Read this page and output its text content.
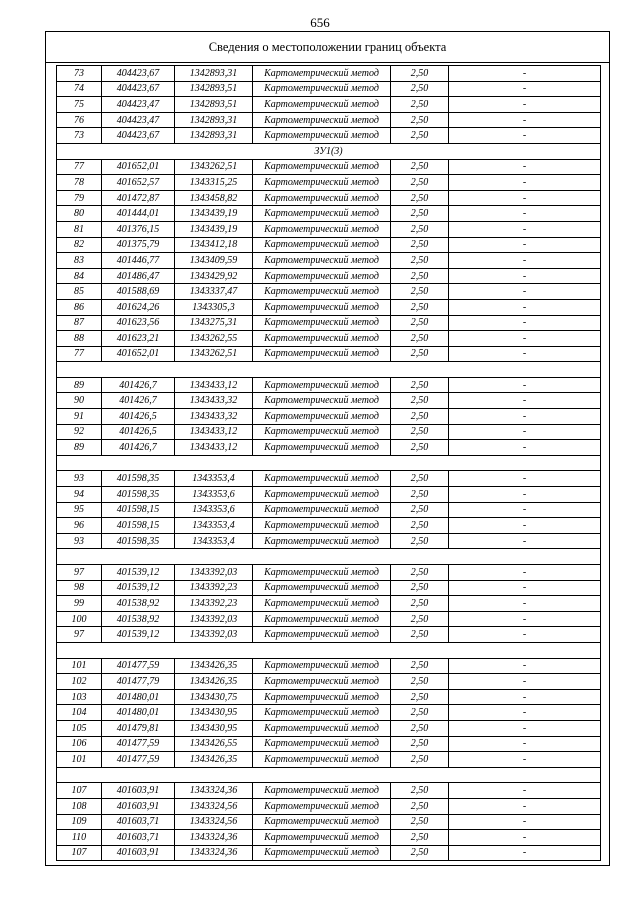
656
Сведения о местоположении границ объекта
73	404423,67	1342893,31	Картометрический метод	2,50	-
74	404423,67	1342893,51	Картометрический метод	2,50	-
75	404423,47	1342893,51	Картометрический метод	2,50	-
76	404423,47	1342893,31	Картометрический метод	2,50	-
73	404423,67	1342893,31	Картометрический метод	2,50	-
ЗУ1(3)					
77	401652,01	1343262,51	Картометрический метод	2,50	-
78	401652,57	1343315,25	Картометрический метод	2,50	-
79	401472,87	1343458,82	Картометрический метод	2,50	-
80	401444,01	1343439,19	Картометрический метод	2,50	-
81	401376,15	1343439,19	Картометрический метод	2,50	-
82	401375,79	1343412,18	Картометрический метод	2,50	-
83	401446,77	1343409,59	Картометрический метод	2,50	-
84	401486,47	1343429,92	Картометрический метод	2,50	-
85	401588,69	1343337,47	Картометрический метод	2,50	-
86	401624,26	1343305,3	Картометрический метод	2,50	-
87	401623,56	1343275,31	Картометрический метод	2,50	-
88	401623,21	1343262,55	Картометрический метод	2,50	-
77	401652,01	1343262,51	Картометрический метод	2,50	-

89	401426,7	1343433,12	Картометрический метод	2,50	-
90	401426,7	1343433,32	Картометрический метод	2,50	-
91	401426,5	1343433,32	Картометрический метод	2,50	-
92	401426,5	1343433,12	Картометрический метод	2,50	-
89	401426,7	1343433,12	Картометрический метод	2,50	-

93	401598,35	1343353,4	Картометрический метод	2,50	-
94	401598,35	1343353,6	Картометрический метод	2,50	-
95	401598,15	1343353,6	Картометрический метод	2,50	-
96	401598,15	1343353,4	Картометрический метод	2,50	-
93	401598,35	1343353,4	Картометрический метод	2,50	-

97	401539,12	1343392,03	Картометрический метод	2,50	-
98	401539,12	1343392,23	Картометрический метод	2,50	-
99	401538,92	1343392,23	Картометрический метод	2,50	-
100	401538,92	1343392,03	Картометрический метод	2,50	-
97	401539,12	1343392,03	Картометрический метод	2,50	-

101	401477,59	1343426,35	Картометрический метод	2,50	-
102	401477,79	1343426,35	Картометрический метод	2,50	-
103	401480,01	1343430,75	Картометрический метод	2,50	-
104	401480,01	1343430,95	Картометрический метод	2,50	-
105	401479,81	1343430,95	Картометрический метод	2,50	-
106	401477,59	1343426,55	Картометрический метод	2,50	-
101	401477,59	1343426,35	Картометрический метод	2,50	-

107	401603,91	1343324,36	Картометрический метод	2,50	-
108	401603,91	1343324,56	Картометрический метод	2,50	-
109	401603,71	1343324,56	Картометрический метод	2,50	-
110	401603,71	1343324,36	Картометрический метод	2,50	-
107	401603,91	1343324,36	Картометрический метод	2,50	-
